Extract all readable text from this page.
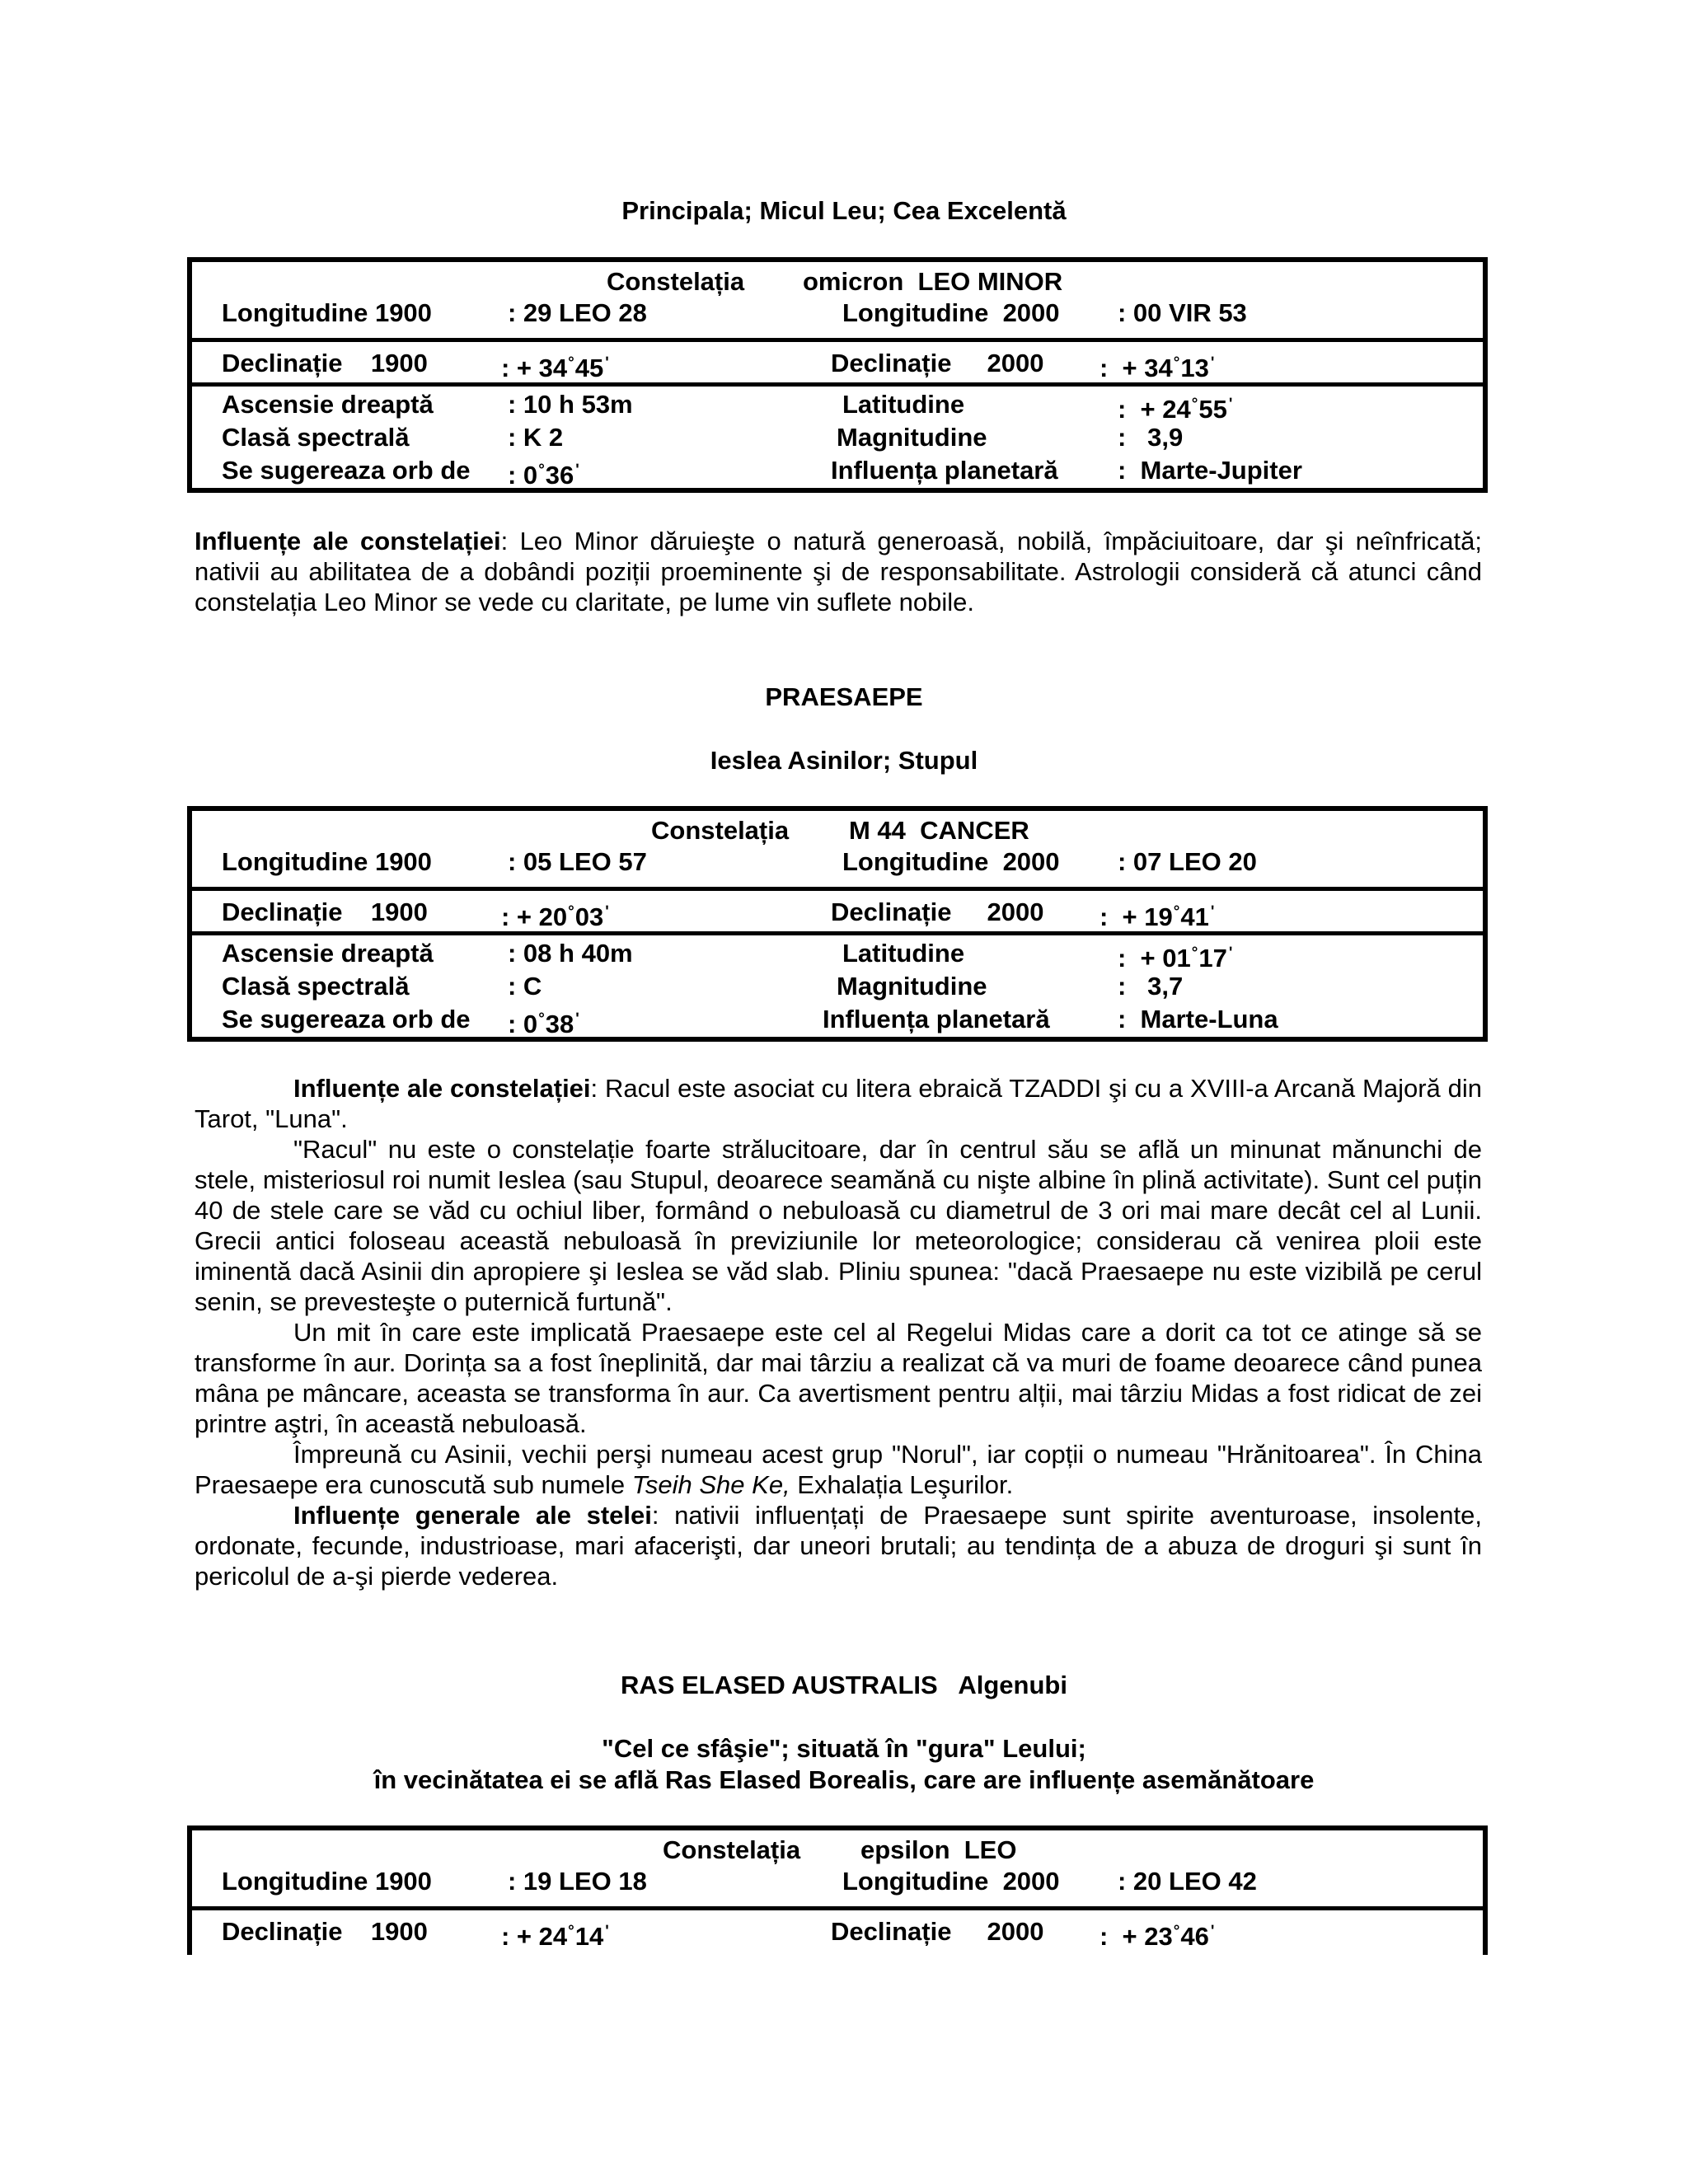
Principala; Micul Leu; Cea Excelentă
Constelația omicron  LEO MINOR
Longitudine 1900	: 29 LEO 28	Longitudine  2000 : 00 VIR 53
Declinație    1900	: + 34°45 $^ʹ$	Declinație     2000 :  + 34°13 $^ʹ$
Ascensie dreaptă	: 10 h 53m	Latitudine	:  + 24°55 $^ʹ$
Clasă spectrală	: K 2	Magnitudine	:   3,9
Se sugereaza orb de : 0°36 $^ʹ$	Influența planetară :  Marte-Jupiter

Influențe ale constelației: Leo Minor dăruieşte o natură generoasă, nobilă, împăciuitoare, dar şi neînfricată; nativii au abilitatea de a dobândi poziții proeminente şi de responsabilitate. Astrologii consideră că atunci când constelația Leo Minor se vede cu claritate, pe lume vin suflete nobile.

PRAESAEPE
Ieslea Asinilor; Stupul
Constelația M 44  CANCER
Longitudine 1900	: 05 LEO 57	Longitudine  2000 : 07 LEO 20
Declinație    1900	: + 20°03 $^ʹ$	Declinație     2000 :  + 19°41 $^ʹ$
Ascensie dreaptă	: 08 h 40m	Latitudine	:  + 01°17 $^ʹ$
Clasă spectrală	: C	Magnitudine	:   3,7
Se sugereaza orb de : 0°38 $^ʹ$	Influența planetară	:  Marte-Luna

Influențe ale constelației: Racul este asociat cu litera ebraică TZADDI şi cu a XVIII-a Arcană Majoră din Tarot, "Luna".

"Racul" nu este o constelație foarte strălucitoare, dar în centrul său se află un minunat mănunchi de stele, misteriosul roi numit Ieslea (sau Stupul, deoarece seamănă cu nişte albine în plină activitate). Sunt cel puțin 40 de stele care se văd cu ochiul liber, formând o nebuloasă cu diametrul de 3 ori mai mare decât cel al Lunii. Grecii antici foloseau această nebuloasă în previziunile lor meteorologice; considerau că venirea ploii este iminentă dacă Asinii din apropiere şi Ieslea se văd slab. Pliniu spunea: "dacă Praesaepe nu este vizibilă pe cerul senin, se prevesteşte o puternică furtună".

Un mit în care este implicată Praesaepe este cel al Regelui Midas care a dorit ca tot ce atinge să se transforme în aur. Dorința sa a fost îneplinită, dar mai târziu a realizat că va muri de foame deoarece când punea mâna pe mâncare, aceasta se transforma în aur. Ca avertisment pentru alții, mai târziu Midas a fost ridicat de zei printre aştri, în această nebuloasă.

Împreună cu Asinii, vechii perşi numeau acest grup "Norul", iar copții o numeau "Hrănitoarea". În China Praesaepe era cunoscută sub numele Tseih She Ke, Exhalația Leşurilor.

Influențe generale ale stelei: nativii influențați de Praesaepe sunt spirite aventuroase, insolente, ordonate, fecunde, industrioase, mari afacerişti, dar uneori brutali; au tendința de a abuza de droguri şi sunt în pericolul de a-şi pierde vederea.

RAS ELASED AUSTRALIS   Algenubi
"Cel ce sfâşie"; situată în "gura" Leului;
în vecinătatea ei se află Ras Elased Borealis, care are influențe asemănătoare
Constelația epsilon  LEO
Longitudine 1900	: 19 LEO 18	Longitudine  2000 : 20 LEO 42
Declinație    1900	: + 24°14 $^ʹ$	Declinație     2000 :  + 23°46 $^ʹ$
